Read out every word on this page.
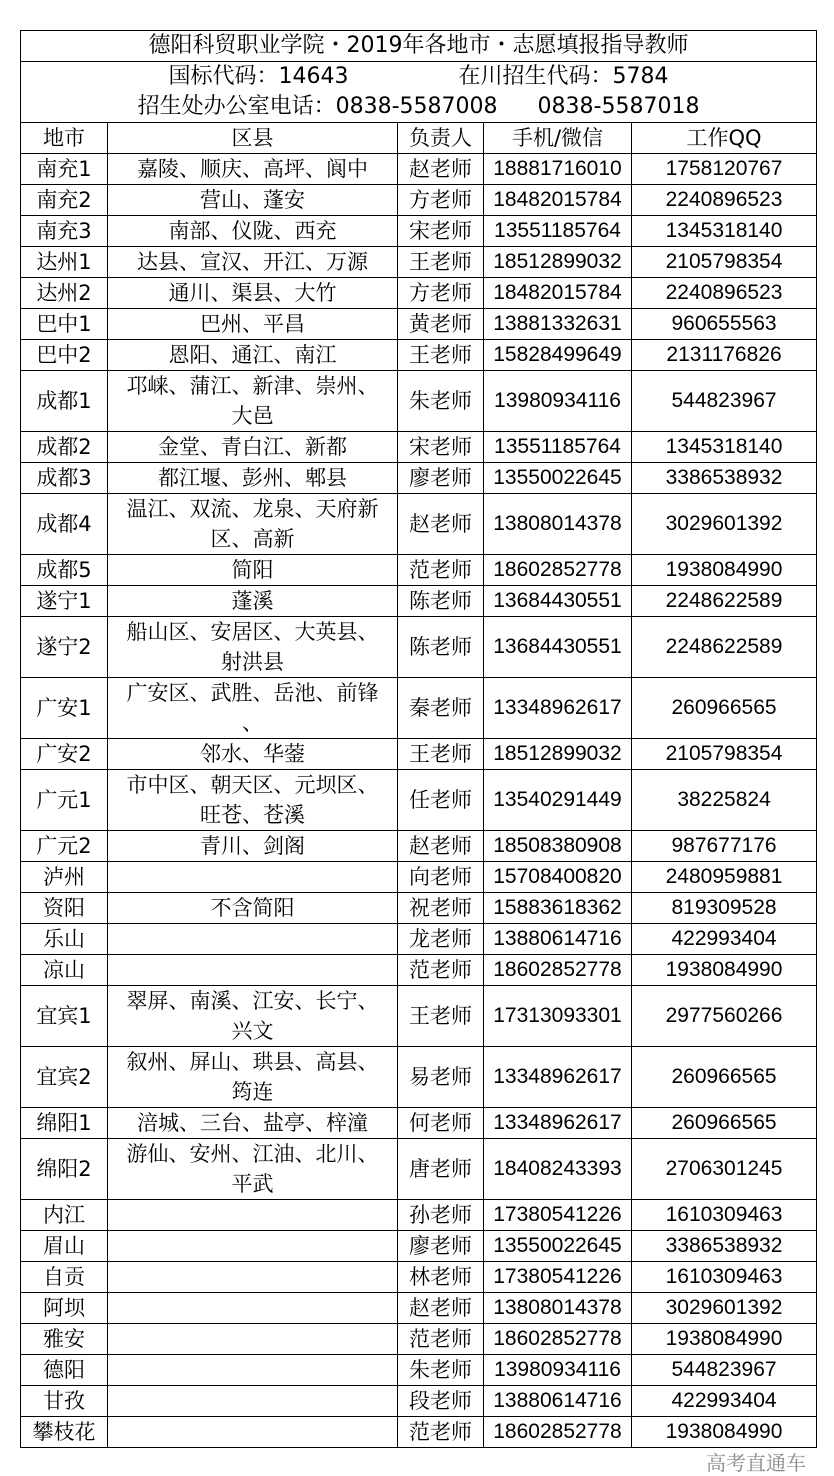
德阳科贸职业学院・2019年各地市・志愿填报指导教师				
国标代码：14643 在川招生代码：5784
招生处办公室电话：0838-5587008 0838-5587018				
地市	区县	负责人	手机/微信	工作QQ
南充1	嘉陵、顺庆、高坪、阆中	赵老师	18881716010	1758120767
南充2	营山、蓬安	方老师	18482015784	2240896523
南充3	南部、仪陇、西充	宋老师	13551185764	1345318140
达州1	达县、宣汉、开江、万源	王老师	18512899032	2105798354
达州2	通川、渠县、大竹	方老师	18482015784	2240896523
巴中1	巴州、平昌	黄老师	13881332631	960655563
巴中2	恩阳、通江、南江	王老师	15828499649	2131176826
成都1	邛崃、蒲江、新津、崇州、大邑	朱老师	13980934116	544823967
成都2	金堂、青白江、新都	宋老师	13551185764	1345318140
成都3	都江堰、彭州、郫县	廖老师	13550022645	3386538932
成都4	温江、双流、龙泉、天府新区、高新	赵老师	13808014378	3029601392
成都5	简阳	范老师	18602852778	1938084990
遂宁1	蓬溪	陈老师	13684430551	2248622589
遂宁2	船山区、安居区、大英县、射洪县	陈老师	13684430551	2248622589
广安1	广安区、武胜、岳池、前锋、	秦老师	13348962617	260966565
广安2	邻水、华蓥	王老师	18512899032	2105798354
广元1	市中区、朝天区、元坝区、旺苍、苍溪	任老师	13540291449	38225824
广元2	青川、剑阁	赵老师	18508380908	987677176
泸州		向老师	15708400820	2480959881
资阳	不含简阳	祝老师	15883618362	819309528
乐山		龙老师	13880614716	422993404
凉山		范老师	18602852778	1938084990
宜宾1	翠屏、南溪、江安、长宁、兴文	王老师	17313093301	2977560266
宜宾2	叙州、屏山、珙县、高县、筠连	易老师	13348962617	260966565
绵阳1	涪城、三台、盐亭、梓潼	何老师	13348962617	260966565
绵阳2	游仙、安州、江油、北川、平武	唐老师	18408243393	2706301245
内江		孙老师	17380541226	1610309463
眉山		廖老师	13550022645	3386538932
自贡		林老师	17380541226	1610309463
阿坝		赵老师	13808014378	3029601392
雅安		范老师	18602852778	1938084990
德阳		朱老师	13980934116	544823967
甘孜		段老师	13880614716	422993404
攀枝花		范老师	18602852778	1938084990
高考直通车
